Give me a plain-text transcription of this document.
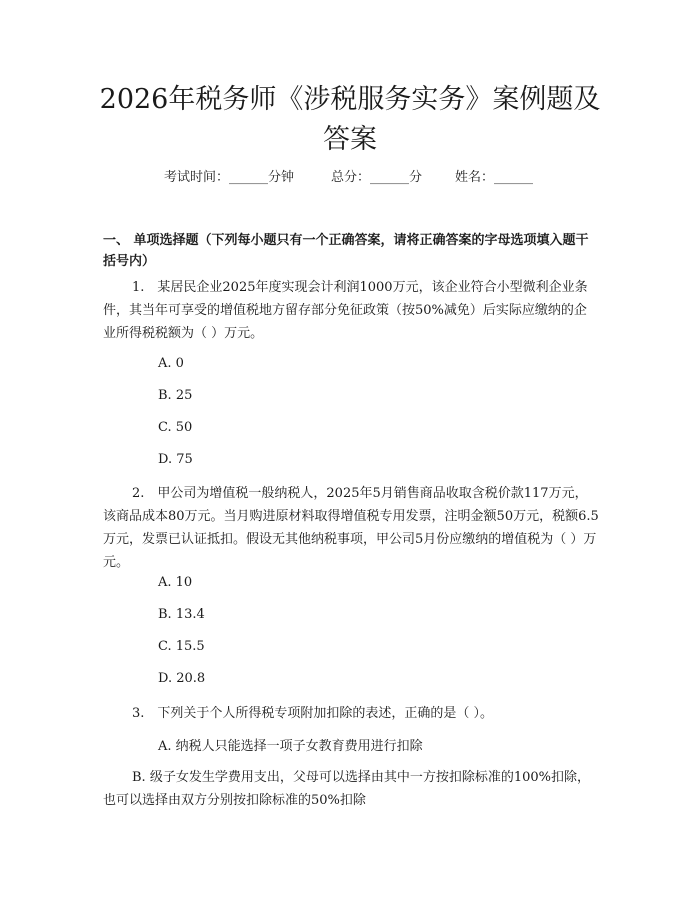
2026年税务师《涉税服务实务》案例题及答案
考试时间：______分钟	总分：______分	姓名：______
一、 单项选择题（下列每小题只有一个正确答案，请将正确答案的字母选项填入题干括号内）

1.　某居民企业2025年度实现会计利润1000万元，该企业符合小型微利企业条件，其当年可享受的增值税地方留存部分免征政策（按50%减免）后实际应缴纳的企业所得税税额为（ ）万元。

A. 0
B. 25
C. 50
D. 75

2.　甲公司为增值税一般纳税人，2025年5月销售商品收取含税价款117万元，该商品成本80万元。当月购进原材料取得增值税专用发票，注明金额50万元，税额6.5万元，发票已认证抵扣。假设无其他纳税事项，甲公司5月份应缴纳的增值税为（ ）万元。

A. 10
B. 13.4
C. 15.5
D. 20.8

3.　下列关于个人所得税专项附加扣除的表述，正确的是（ ）。

A. 纳税人只能选择一项子女教育费用进行扣除

B. 级子女发生学费用支出，父母可以选择由其中一方按扣除标准的100%扣除，也可以选择由双方分别按扣除标准的50%扣除
